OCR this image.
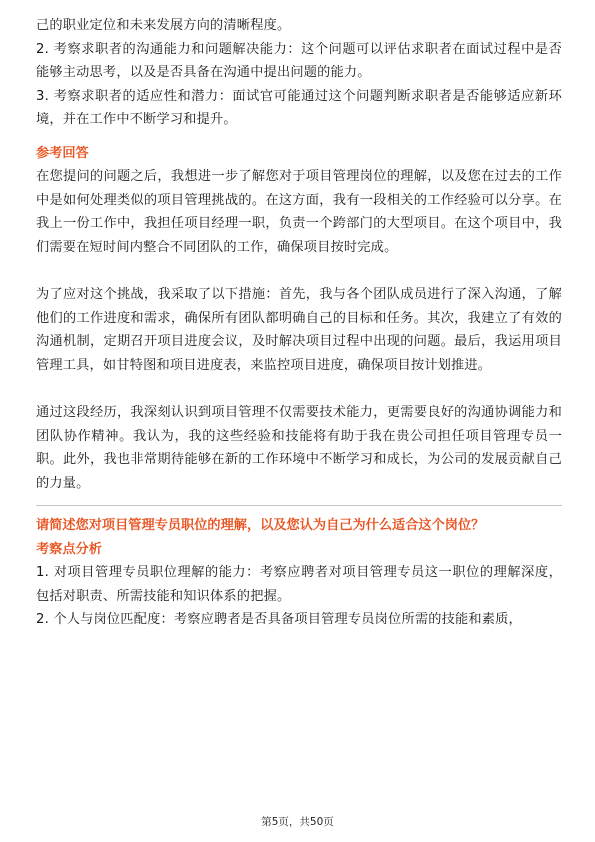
己的职业定位和未来发展方向的清晰程度。

2. 考察求职者的沟通能力和问题解决能力：这个问题可以评估求职者在面试过程中是否能够主动思考，以及是否具备在沟通中提出问题的能力。

3. 考察求职者的适应性和潜力：面试官可能通过这个问题判断求职者是否能够适应新环境，并在工作中不断学习和提升。

参考回答

在您提问的问题之后，我想进一步了解您对于项目管理岗位的理解，以及您在过去的工作中是如何处理类似的项目管理挑战的。在这方面，我有一段相关的工作经验可以分享。在我上一份工作中，我担任项目经理一职，负责一个跨部门的大型项目。在这个项目中，我们需要在短时间内整合不同团队的工作，确保项目按时完成。

为了应对这个挑战，我采取了以下措施：首先，我与各个团队成员进行了深入沟通，了解他们的工作进度和需求，确保所有团队都明确自己的目标和任务。其次，我建立了有效的沟通机制，定期召开项目进度会议，及时解决项目过程中出现的问题。最后，我运用项目管理工具，如甘特图和项目进度表，来监控项目进度，确保项目按计划推进。

通过这段经历，我深刻认识到项目管理不仅需要技术能力，更需要良好的沟通协调能力和团队协作精神。我认为，我的这些经验和技能将有助于我在贵公司担任项目管理专员一职。此外，我也非常期待能够在新的工作环境中不断学习和成长，为公司的发展贡献自己的力量。

请简述您对项目管理专员职位的理解，以及您认为自己为什么适合这个岗位？
考察点分析

1. 对项目管理专员职位理解的能力：考察应聘者对项目管理专员这一职位的理解深度，包括对职责、所需技能和知识体系的把握。

2. 个人与岗位匹配度：考察应聘者是否具备项目管理专员岗位所需的技能和素质，

第5页，共50页
